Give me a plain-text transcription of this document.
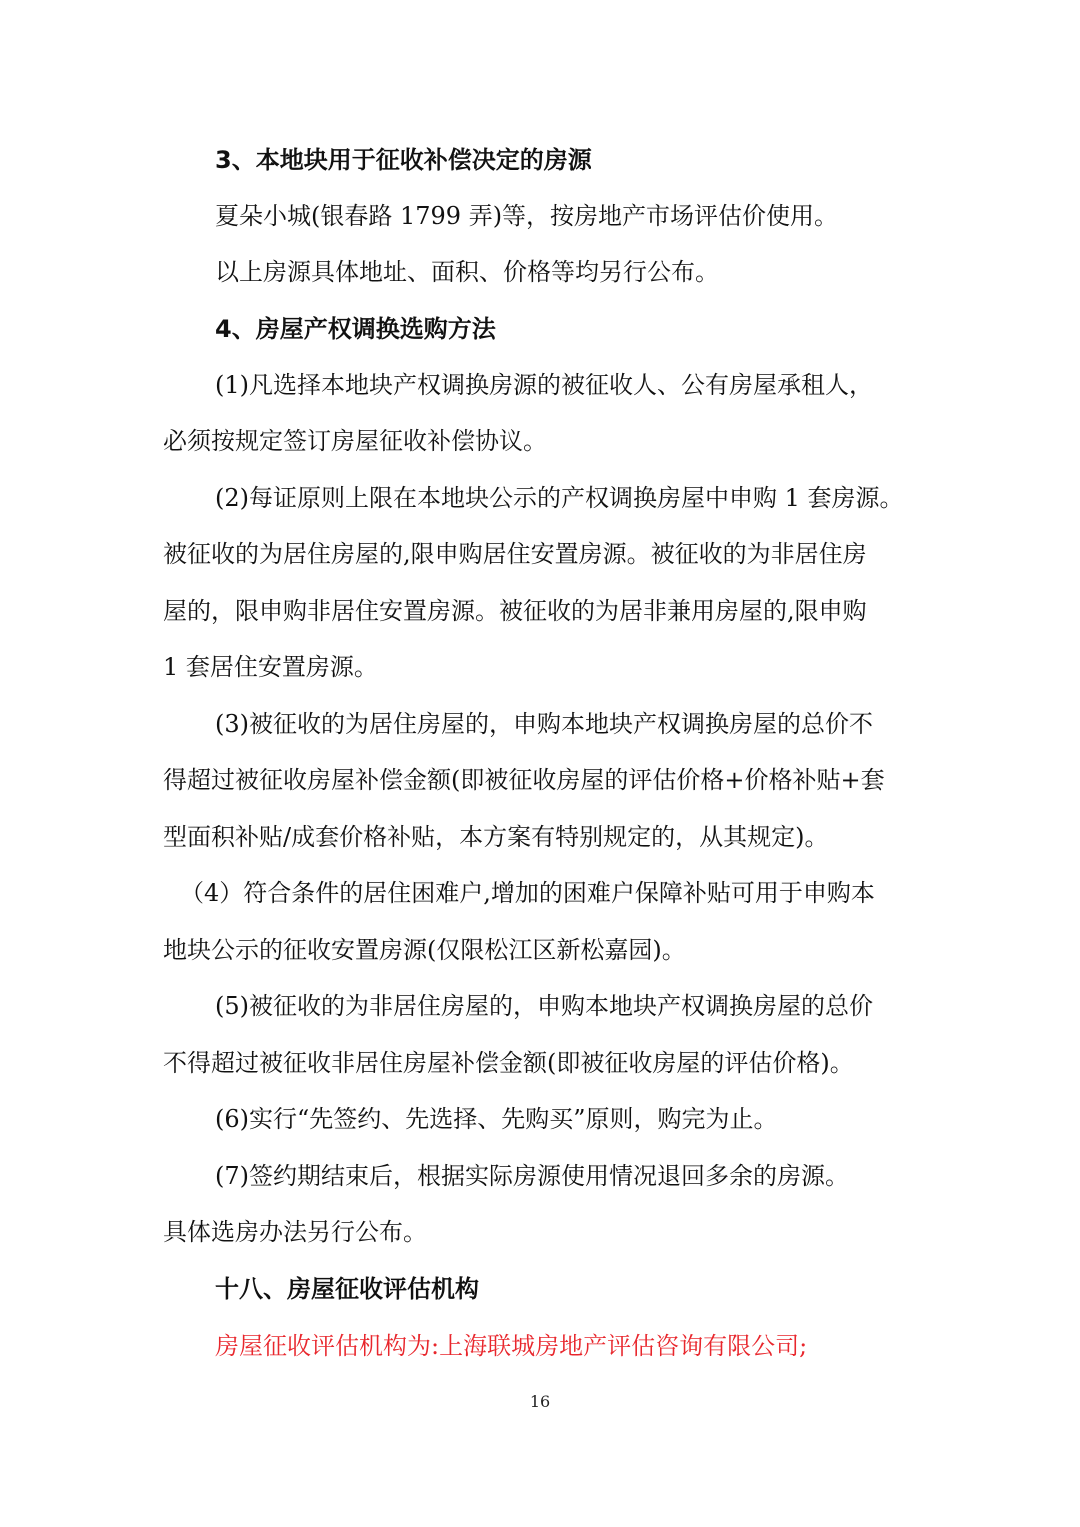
3、本地块用于征收补偿决定的房源

夏朵小城(银春路 1799 弄)等，按房地产市场评估价使用。

以上房源具体地址、面积、价格等均另行公布。

4、房屋产权调换选购方法

(1)凡选择本地块产权调换房源的被征收人、公有房屋承租人，

必须按规定签订房屋征收补偿协议。

(2)每证原则上限在本地块公示的产权调换房屋中申购 1 套房源。

被征收的为居住房屋的,限申购居住安置房源。被征收的为非居住房

屋的，限申购非居住安置房源。被征收的为居非兼用房屋的,限申购

1 套居住安置房源。

(3)被征收的为居住房屋的，申购本地块产权调换房屋的总价不

得超过被征收房屋补偿金额(即被征收房屋的评估价格+价格补贴+套

型面积补贴/成套价格补贴，本方案有特别规定的，从其规定)。

（4）符合条件的居住困难户,增加的困难户保障补贴可用于申购本

地块公示的征收安置房源(仅限松江区新松嘉园)。

(5)被征收的为非居住房屋的，申购本地块产权调换房屋的总价

不得超过被征收非居住房屋补偿金额(即被征收房屋的评估价格)。

(6)实行“先签约、先选择、先购买”原则，购完为止。

(7)签约期结束后，根据实际房源使用情况退回多余的房源。

具体选房办法另行公布。

十八、房屋征收评估机构

房屋征收评估机构为:上海联城房地产评估咨询有限公司;

16
